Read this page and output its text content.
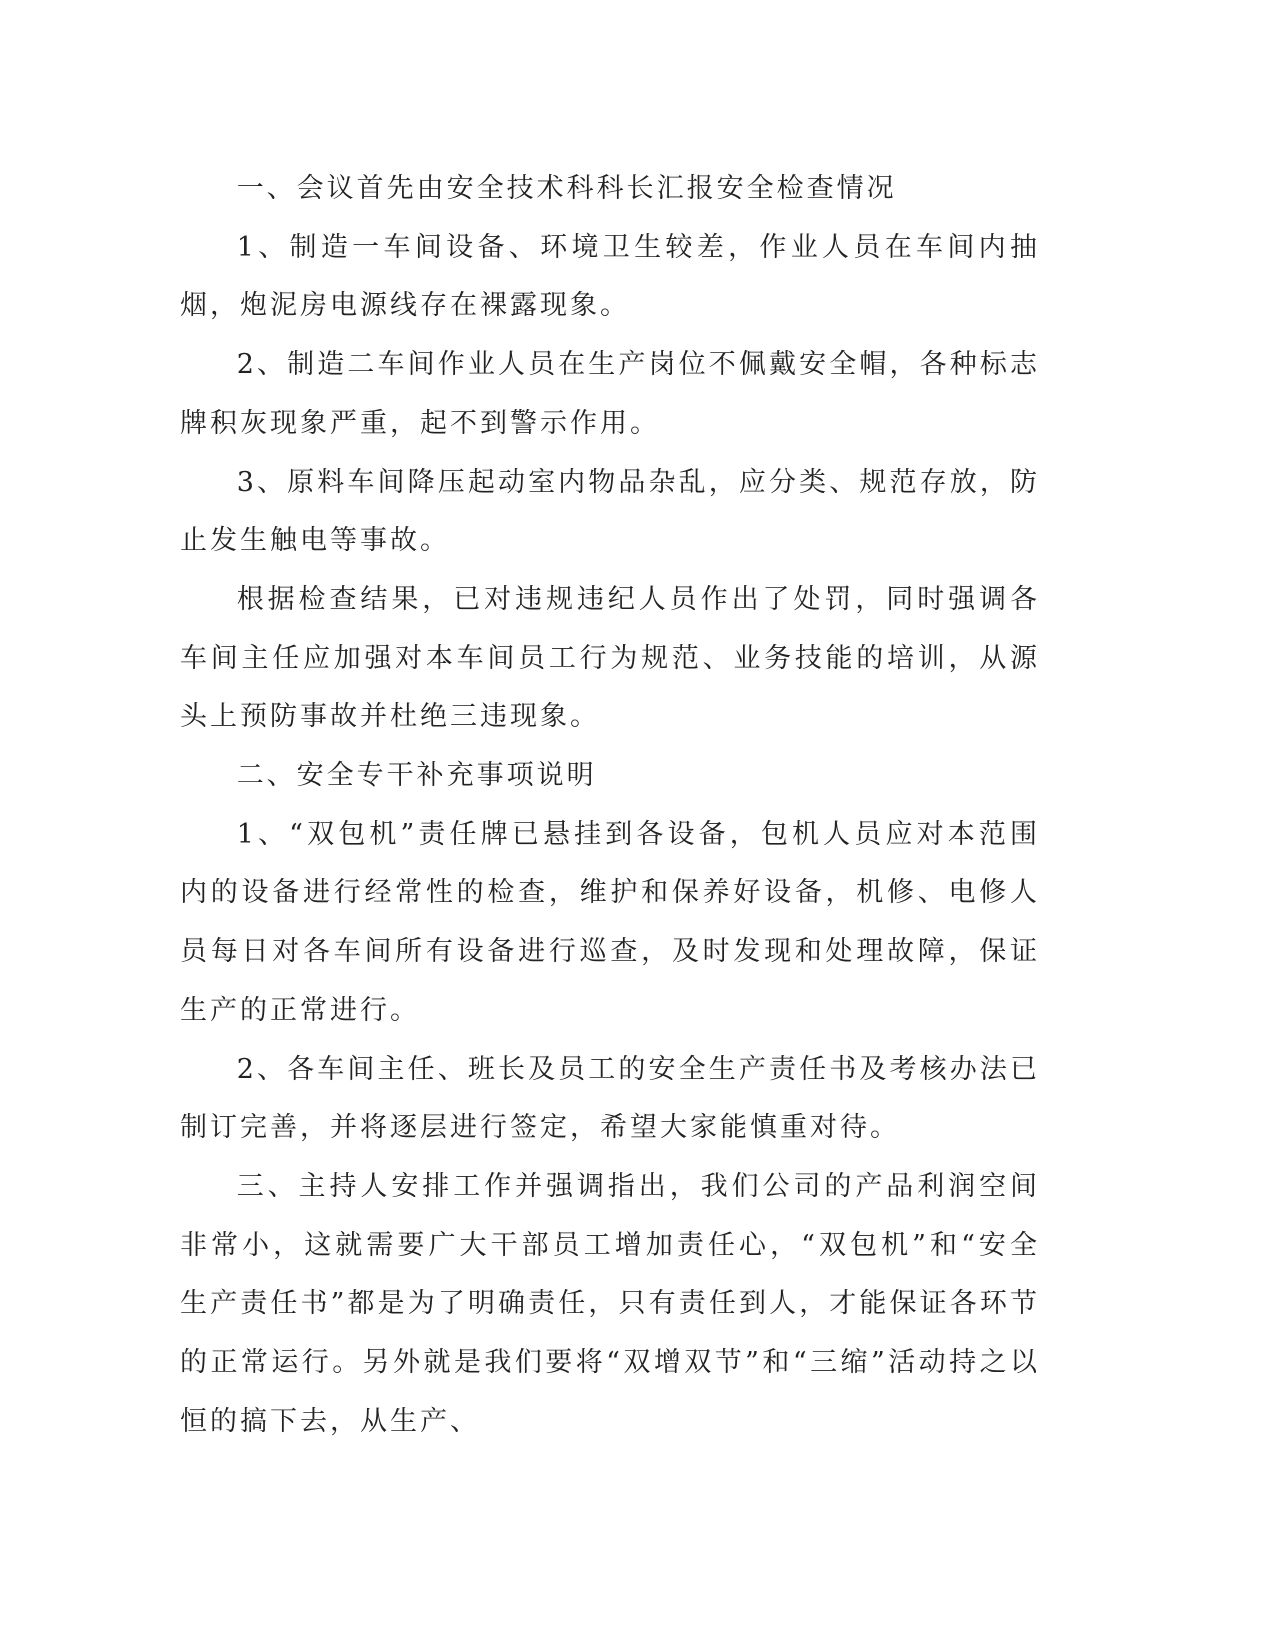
一、会议首先由安全技术科科长汇报安全检查情况

1、制造一车间设备、环境卫生较差，作业人员在车间内抽烟，炮泥房电源线存在裸露现象。

2、制造二车间作业人员在生产岗位不佩戴安全帽，各种标志牌积灰现象严重，起不到警示作用。

3、原料车间降压起动室内物品杂乱，应分类、规范存放，防止发生触电等事故。

根据检查结果，已对违规违纪人员作出了处罚，同时强调各车间主任应加强对本车间员工行为规范、业务技能的培训，从源头上预防事故并杜绝三违现象。

二、安全专干补充事项说明

1、“双包机”责任牌已悬挂到各设备，包机人员应对本范围内的设备进行经常性的检查，维护和保养好设备，机修、电修人员每日对各车间所有设备进行巡查，及时发现和处理故障，保证生产的正常进行。

2、各车间主任、班长及员工的安全生产责任书及考核办法已制订完善，并将逐层进行签定，希望大家能慎重对待。

三、主持人安排工作并强调指出，我们公司的产品利润空间非常小，这就需要广大干部员工增加责任心，“双包机”和“安全生产责任书”都是为了明确责任，只有责任到人，才能保证各环节的正常运行。另外就是我们要将“双增双节”和“三缩”活动持之以恒的搞下去，从生产、
